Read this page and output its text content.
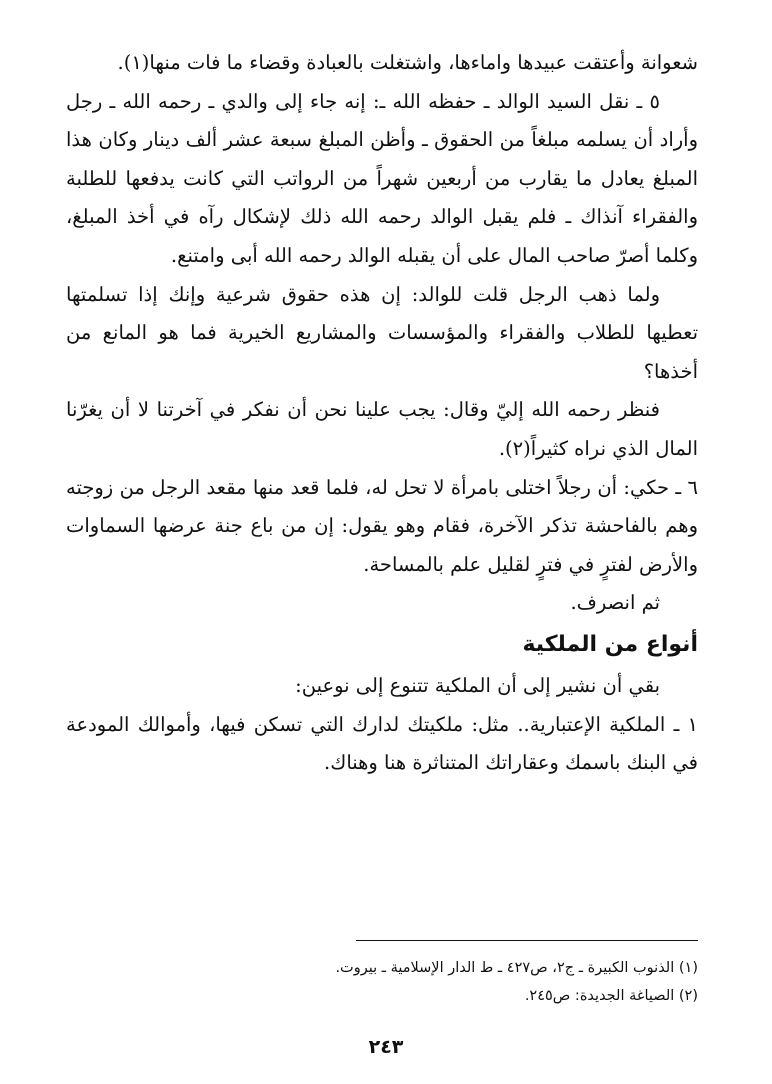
شعوانة وأعتقت عبيدها واماءها، واشتغلت بالعبادة وقضاء ما فات منها(١).

٥ ـ نقل السيد الوالد ـ حفظه الله ـ: إنه جاء إلى والدي ـ رحمه الله ـ رجل وأراد أن يسلمه مبلغاً من الحقوق ـ وأظن المبلغ سبعة عشر ألف دينار وكان هذا المبلغ يعادل ما يقارب من أربعين شهراً من الرواتب التي كانت يدفعها للطلبة والفقراء آنذاك ـ فلم يقبل الوالد رحمه الله ذلك لإشكال رآه في أخذ المبلغ، وكلما أصرّ صاحب المال على أن يقبله الوالد رحمه الله أبى وامتنع.

ولما ذهب الرجل قلت للوالد: إن هذه حقوق شرعية وإنك إذا تسلمتها تعطيها للطلاب والفقراء والمؤسسات والمشاريع الخيرية فما هو المانع من أخذها؟

فنظر رحمه الله إليّ وقال: يجب علينا نحن أن نفكر في آخرتنا لا أن يغرّنا المال الذي نراه كثيراً(٢).

٦ ـ حكي: أن رجلاً اختلى بامرأة لا تحل له، فلما قعد منها مقعد الرجل من زوجته وهم بالفاحشة تذكر الآخرة، فقام وهو يقول: إن من باع جنة عرضها السماوات والأرض لفترٍ في فترٍ لقليل علم بالمساحة.

ثم انصرف.

أنواع من الملكية

بقي أن نشير إلى أن الملكية تتنوع إلى نوعين:

١ ـ الملكية الإعتبارية.. مثل: ملكيتك لدارك التي تسكن فيها، وأموالك المودعة في البنك باسمك وعقاراتك المتناثرة هنا وهناك.

(١) الذنوب الكبيرة ـ ج٢، ص٤٢٧ ـ ط الدار الإسلامية ـ بيروت.

(٢) الصياغة الجديدة: ص٢٤٥.

٢٤٣
